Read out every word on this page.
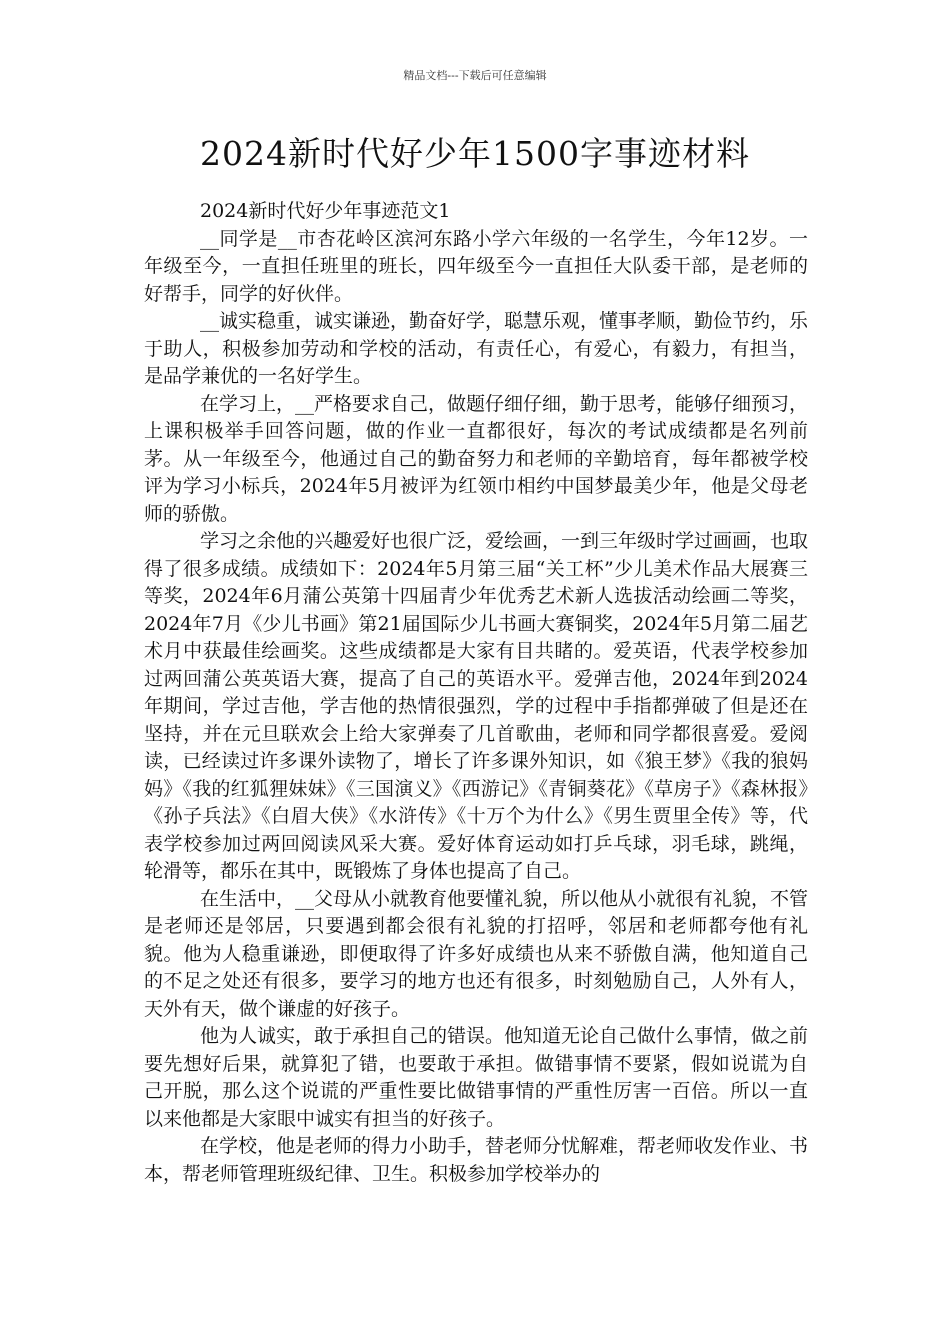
精品文档---下载后可任意编辑
2024新时代好少年1500字事迹材料

2024新时代好少年事迹范文1

__同学是__市杏花岭区滨河东路小学六年级的一名学生，今年12岁。一年级至今，一直担任班里的班长，四年级至今一直担任大队委干部，是老师的好帮手，同学的好伙伴。

__诚实稳重，诚实谦逊，勤奋好学，聪慧乐观，懂事孝顺，勤俭节约，乐于助人，积极参加劳动和学校的活动，有责任心，有爱心，有毅力，有担当，是品学兼优的一名好学生。

在学习上，__严格要求自己，做题仔细仔细，勤于思考，能够仔细预习，上课积极举手回答问题，做的作业一直都很好，每次的考试成绩都是名列前茅。从一年级至今，他通过自己的勤奋努力和老师的辛勤培育，每年都被学校评为学习小标兵，2024年5月被评为红领巾相约中国梦最美少年，他是父母老师的骄傲。

学习之余他的兴趣爱好也很广泛，爱绘画，一到三年级时学过画画，也取得了很多成绩。成绩如下：2024年5月第三届“关工杯”少儿美术作品大展赛三等奖，2024年6月蒲公英第十四届青少年优秀艺术新人选拔活动绘画二等奖，2024年7月《少儿书画》第21届国际少儿书画大赛铜奖，2024年5月第二届艺术月中获最佳绘画奖。这些成绩都是大家有目共睹的。爱英语，代表学校参加过两回蒲公英英语大赛，提高了自己的英语水平。爱弹吉他，2024年到2024年期间，学过吉他，学吉他的热情很强烈，学的过程中手指都弹破了但是还在坚持，并在元旦联欢会上给大家弹奏了几首歌曲，老师和同学都很喜爱。爱阅读，已经读过许多课外读物了，增长了许多课外知识，如《狼王梦》《我的狼妈妈》《我的红狐狸妹妹》《三国演义》《西游记》《青铜葵花》《草房子》《森林报》《孙子兵法》《白眉大侠》《水浒传》《十万个为什么》《男生贾里全传》等，代表学校参加过两回阅读风采大赛。爱好体育运动如打乒乓球，羽毛球，跳绳，轮滑等，都乐在其中，既锻炼了身体也提高了自己。

在生活中，__父母从小就教育他要懂礼貌，所以他从小就很有礼貌，不管是老师还是邻居，只要遇到都会很有礼貌的打招呼，邻居和老师都夸他有礼貌。他为人稳重谦逊，即便取得了许多好成绩也从来不骄傲自满，他知道自己的不足之处还有很多，要学习的地方也还有很多，时刻勉励自己，人外有人，天外有天，做个谦虚的好孩子。

他为人诚实，敢于承担自己的错误。他知道无论自己做什么事情，做之前要先想好后果，就算犯了错，也要敢于承担。做错事情不要紧，假如说谎为自己开脱，那么这个说谎的严重性要比做错事情的严重性厉害一百倍。所以一直以来他都是大家眼中诚实有担当的好孩子。

在学校，他是老师的得力小助手，替老师分忧解难，帮老师收发作业、书本，帮老师管理班级纪律、卫生。积极参加学校举办的
